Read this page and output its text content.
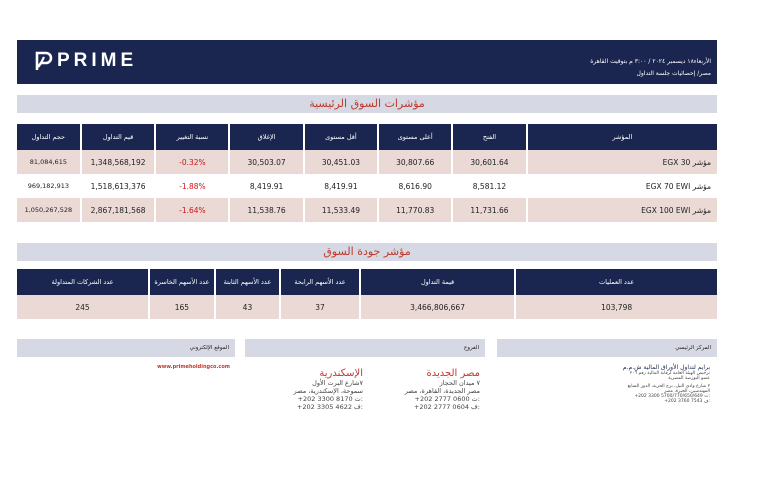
PRIME	الأربعاء١٨ ديسمبر ٢٠٢٤ / ٣:٠٠ م بتوقيت القاهرة
مصر/ إحصائيات جلسة التداول
مؤشرات السوق الرئيسية
حجم التداول	قيم التداول	نسبة التغيير	الإغلاق	أقل مستوى	أعلى مستوى	الفتح	المؤشر
81,084,615	1,348,568,192	-0.32%	30,503.07	30,451.03	30,807.66	30,601.64	مؤشر EGX 30
969,182,913	1,518,613,376	-1.88%	8,419.91	8,419.91	8,616.90	8,581.12	مؤشر EGX 70 EWI
1,050,267,528	2,867,181,568	-1.64%	11,538.76	11,533.49	11,770.83	11,731.66	مؤشر EGX 100 EWI
مؤشر جودة السوق
عدد الشركات المتداولة	عدد الأسهم الخاسرة	عدد الأسهم الثابتة	عدد الأسهم الرابحة	قيمة التداول	عدد العمليات
245	165	43	37	3,466,806,667	103,798
المركز الرئيسي
برايم لتداول الأوراق المالية ش.م.م
ترخيص الهيئة العامة لرقابة المالية رقم ٢٠٦
عضو البورصة المصرية
٢ شارع وادي النيل، برج الحرية، الدور السابع
المهندسين، الجيزة، مصر
+202 3300 5700/770/650/649 ت:
+202 3760 7543 ف:
الفروع
مصر الجديدة
٧ ميدان الحجاز
مصر الجديدة، القاهرة، مصر
+202 2777 0600 ت:
+202 2777 0604 ف:
الإسكندرية
٧شارع البرت الأول
سموحة، الإسكندرية، مصر
+202 3300 8170 ت:
+202 3305 4622 ف:
الموقع الإلكتروني
www.primeholdingco.com
